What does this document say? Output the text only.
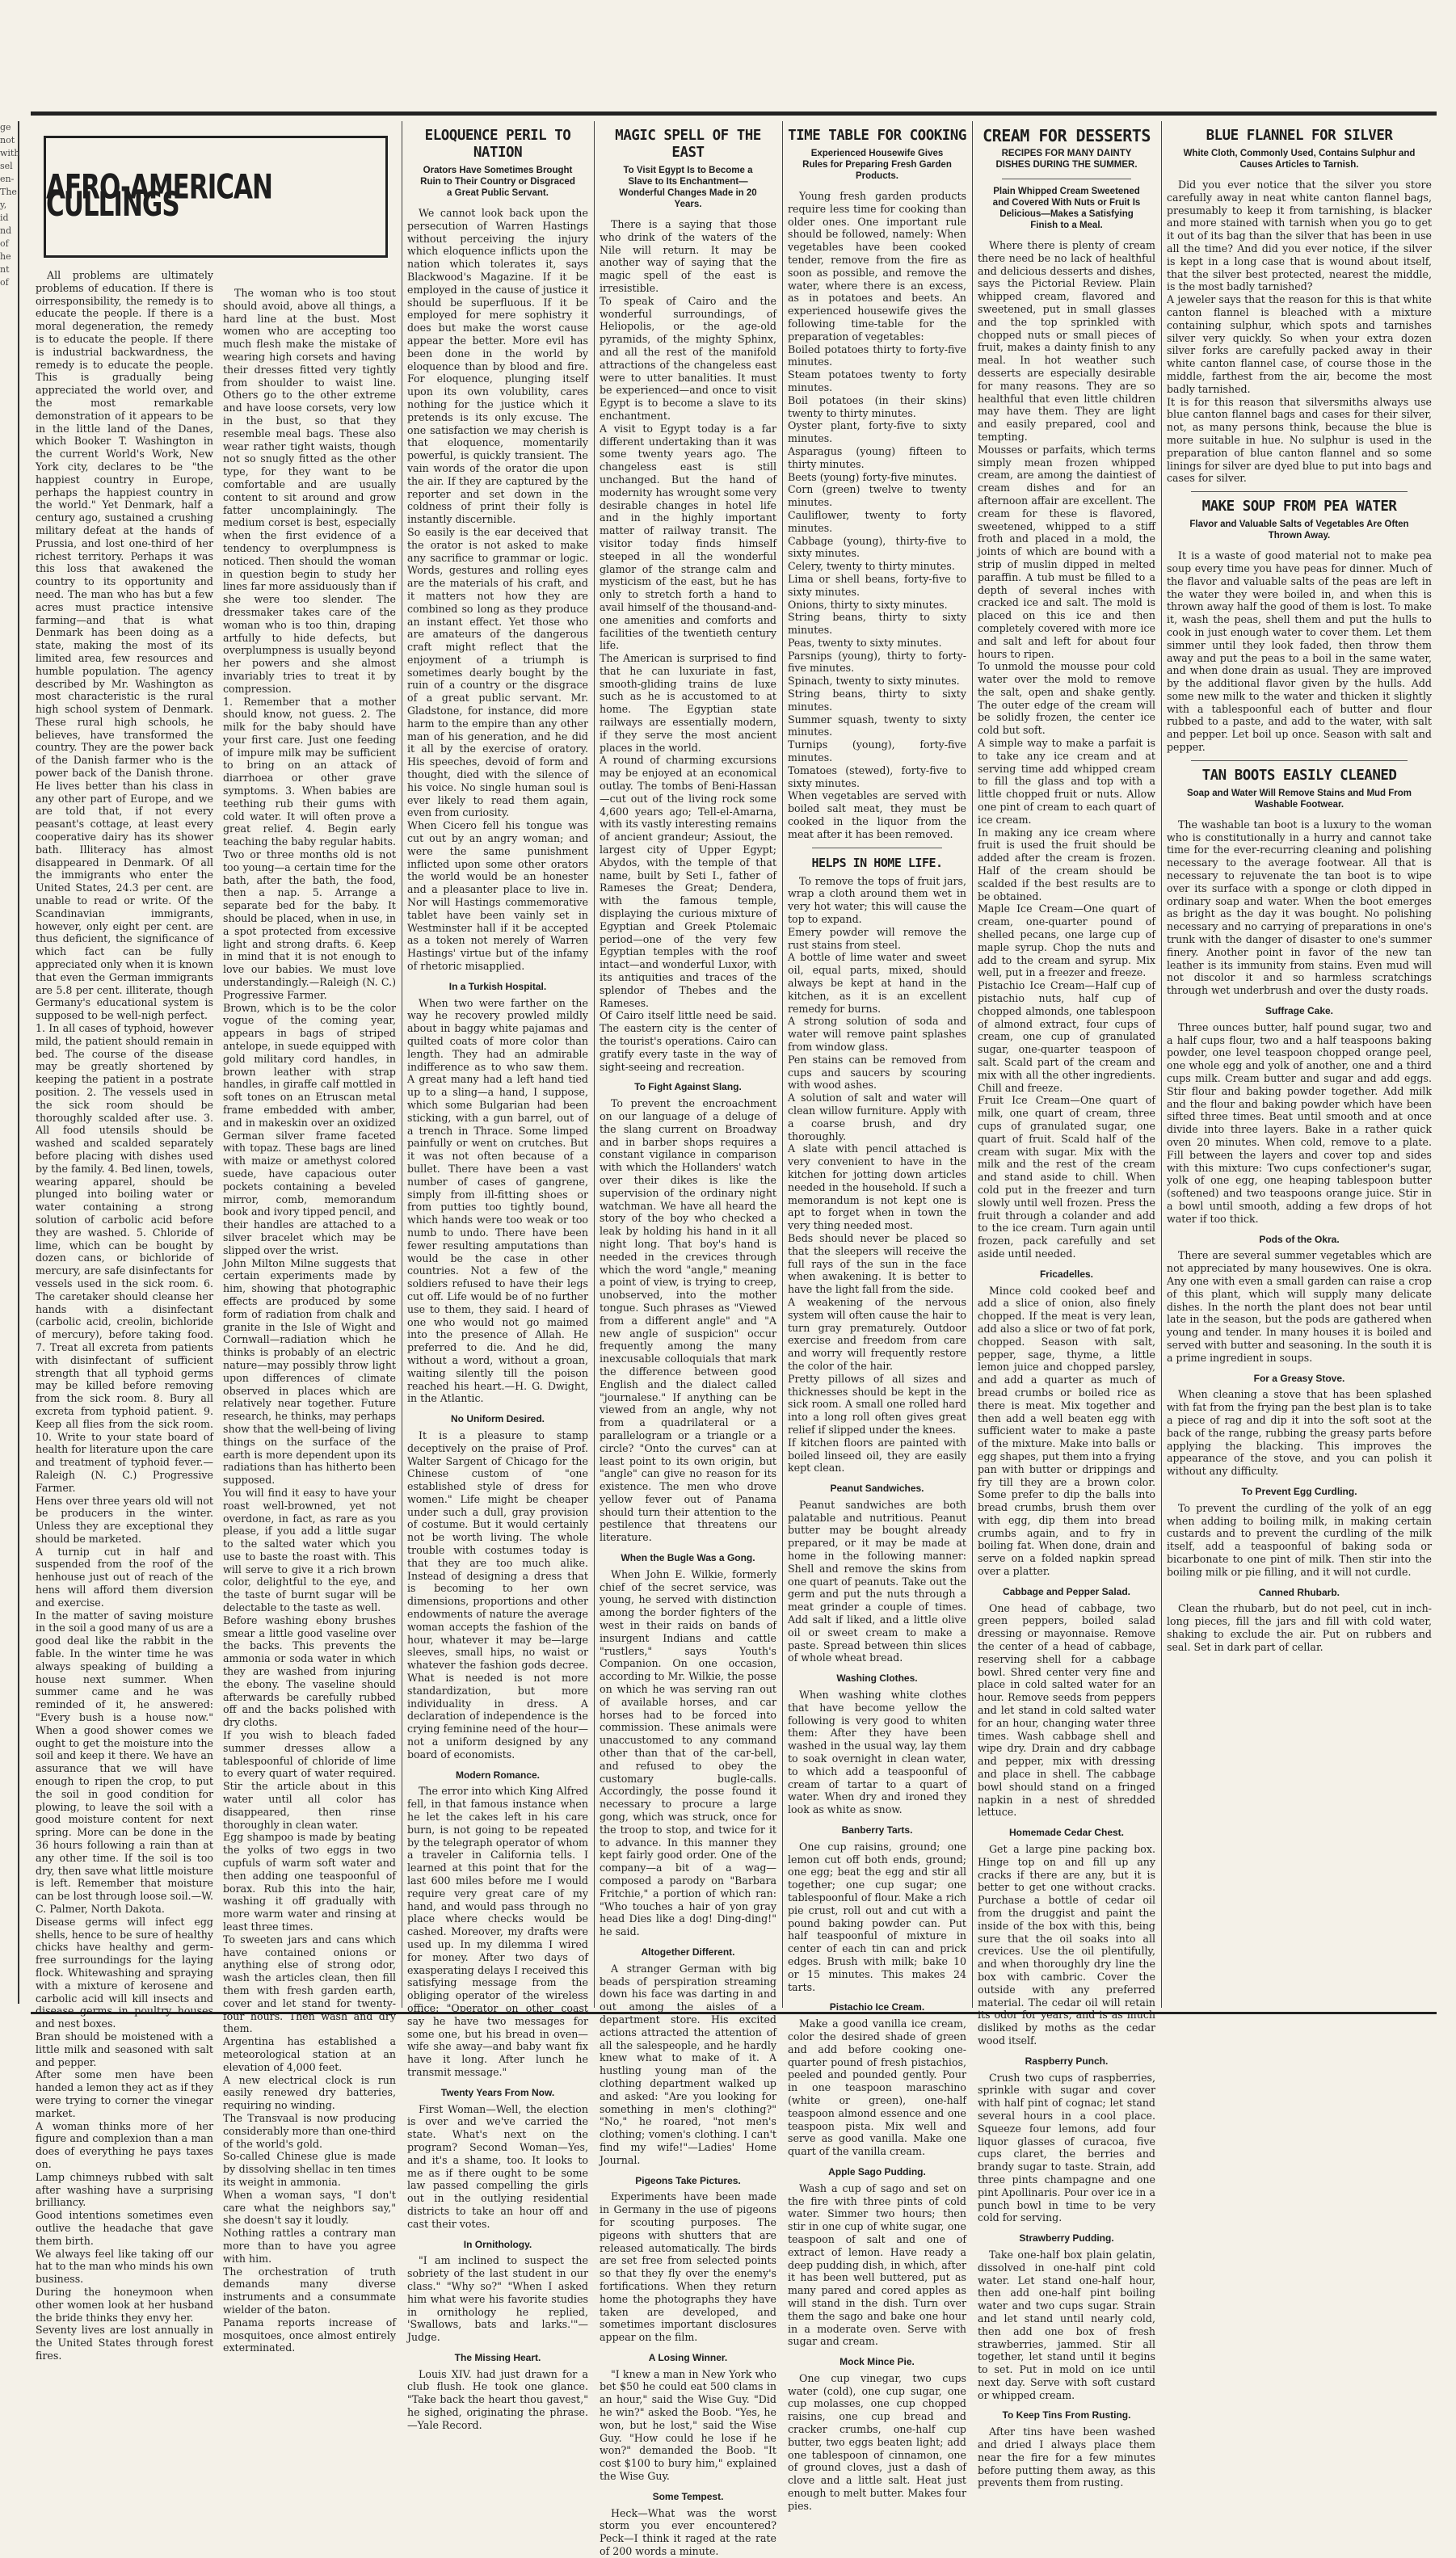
ge
not
with
sel
en-
The
y,
id
nd
of
he
nt
of
AFRO-AMERICAN CULLINGS
All problems are ultimately problems of education. If there is oirresponsibility, the remedy is to educate the people. If there is a moral degeneration, the remedy is to educate the people. If there is industrial backwardness, the remedy is to educate the people. This is gradually being appreciated the world over, and the most remarkable demonstration of it appears to be in the little land of the Danes, which Booker T. Washington in the current World's Work, New York city, declares to be "the happiest country in Europe, perhaps the happiest country in the world." Yet Denmark, half a century ago, sustained a crushing military defeat at the hands of Prussia, and lost one-third of her richest territory. Perhaps it was this loss that awakened the country to its opportunity and need. The man who has but a few acres must practice intensive farming—and that is what Denmark has been doing as a state, making the most of its limited area, few resources and humble population. The agency described by Mr. Washington as most characteristic is the rural high school system of Denmark. These rural high schools, he believes, have transformed the country. They are the power back of the Danish farmer who is the power back of the Danish throne. He lives better than his class in any other part of Europe, and we are told that, if not every peasant's cottage, at least every cooperative dairy has its shower bath. Illiteracy has almost disappeared in Denmark. Of all the immigrants who enter the United States, 24.3 per cent. are unable to read or write. Of the Scandinavian immigrants, however, only eight per cent. are thus deficient, the significance of which fact can be fully appreciated only when it is known that even the German immigrants are 5.8 per cent. illiterate, though Germany's educational system is supposed to be well-nigh perfect.
1. In all cases of typhoid, however mild, the patient should remain in bed. The course of the disease may be greatly shortened by keeping the patient in a postrate position. 2. The vessels used in the sick room should be thoroughly scalded after use. 3. All food utensils should be washed and scalded separately before placing with dishes used by the family. 4. Bed linen, towels, wearing apparel, should be plunged into boiling water or water containing a strong solution of carbolic acid before they are washed. 5. Chloride of lime, which can be bought by dozen cans, or bichloride of mercury, are safe disinfectants for vessels used in the sick room. 6. The caretaker should cleanse her hands with a disinfectant (carbolic acid, creolin, bichloride of mercury), before taking food. 7. Treat all excreta from patients with disinfectant of sufficient strength that all typhoid germs may be killed before removing from the sick room. 8. Bury all excreta from typhoid patient. 9. Keep all flies from the sick room. 10. Write to your state board of health for literature upon the care and treatment of typhoid fever.—Raleigh (N. C.) Progressive Farmer.
Hens over three years old will not be producers in the winter. Unless they are exceptional they should be marketed.
A turnip cut in half and suspended from the roof of the henhouse just out of reach of the hens will afford them diversion and exercise.
In the matter of saving moisture in the soil a good many of us are a good deal like the rabbit in the fable. In the winter time he was always speaking of building a house next summer. When summer came and he was reminded of it, he answered: "Every bush is a house now." When a good shower comes we ought to get the moisture into the soil and keep it there. We have an assurance that we will have enough to ripen the crop, to put the soil in good condition for plowing, to leave the soil with a good moisture content for next spring. More can be done in the 36 hours following a rain than at any other time. If the soil is too dry, then save what little moisture is left. Remember that moisture can be lost through loose soil.—W. C. Palmer, North Dakota.
Disease germs will infect egg shells, hence to be sure of healthy chicks have healthy and germ-free surroundings for the laying flock. Whitewashing and spraying with a mixture of kerosene and carbolic acid will kill insects and disease germs in poultry houses and nest boxes.
Bran should be moistened with a little milk and seasoned with salt and pepper.
After some men have been handed a lemon they act as if they were trying to corner the vinegar market.
A woman thinks more of her figure and complexion than a man does of everything he pays taxes on.
Lamp chimneys rubbed with salt after washing have a surprising brilliancy.
Good intentions sometimes even outlive the headache that gave them birth.
We always feel like taking off our hat to the man who minds his own business.
During the honeymoon when other women look at her husband the bride thinks they envy her.
Seventy lives are lost annually in the United States through forest fires.
The woman who is too stout should avoid, above all things, a hard line at the bust. Most women who are accepting too much flesh make the mistake of wearing high corsets and having their dresses fitted very tightly from shoulder to waist line. Others go to the other extreme and have loose corsets, very low in the bust, so that they resemble meal bags. These also wear rather tight waists, though not so snugly fitted as the other type, for they want to be comfortable and are usually content to sit around and grow fatter uncomplainingly. The medium corset is best, especially when the first evidence of a tendency to overplumpness is noticed. Then should the woman in question begin to study her lines far more assiduously than if she were too slender. The dressmaker takes care of the woman who is too thin, draping artfully to hide defects, but overplumpness is usually beyond her powers and she almost invariably tries to treat it by compression.
1. Remember that a mother should know, not guess. 2. The milk for the baby should have your first care. Just one feeding of impure milk may be sufficient to bring on an attack of diarrhoea or other grave symptoms. 3. When babies are teething rub their gums with cold water. It will often prove a great relief. 4. Begin early teaching the baby regular habits. Two or three months old is not too young—a certain time for the bath, after the bath, the food, then a nap. 5. Arrange a separate bed for the baby. It should be placed, when in use, in a spot protected from excessive light and strong drafts. 6. Keep in mind that it is not enough to love our babies. We must love understandingly.—Raleigh (N. C.) Progressive Farmer.
Brown, which is to be the color vogue of the coming year, appears in bags of striped antelope, in suede equipped with gold military cord handles, in brown leather with strap handles, in giraffe calf mottled in soft tones on an Etruscan metal frame embedded with amber, and in makeskin over an oxidized German silver frame faceted with topaz. These bags are lined with maize or amethyst colored suede, have capacious outer pockets containing a beveled mirror, comb, memorandum book and ivory tipped pencil, and their handles are attached to a silver bracelet which may be slipped over the wrist.
John Milton Milne suggests that certain experiments made by him, showing that photographic effects are produced by some form of radiation from chalk and granite in the Isle of Wight and Cornwall—radiation which he thinks is probably of an electric nature—may possibly throw light upon differences of climate observed in places which are relatively near together. Future research, he thinks, may perhaps show that the well-being of living things on the surface of the earth is more dependent upon its radiations than has hitherto been supposed.
You will find it easy to have your roast well-browned, yet not overdone, in fact, as rare as you please, if you add a little sugar to the salted water which you use to baste the roast with. This will serve to give it a rich brown color, delightful to the eye, and the taste of burnt sugar will be delectable to the taste as well.
Before washing ebony brushes smear a little good vaseline over the backs. This prevents the ammonia or soda water in which they are washed from injuring the ebony. The vaseline should afterwards be carefully rubbed off and the backs polished with dry cloths.
If you wish to bleach faded summer dresses allow a tablespoonful of chloride of lime to every quart of water required. Stir the article about in this water until all color has disappeared, then rinse thoroughly in clean water.
Egg shampoo is made by beating the yolks of two eggs in two cupfuls of warm soft water and then adding one teaspoonful of borax. Rub this into the hair, washing it off gradually with more warm water and rinsing at least three times.
To sweeten jars and cans which have contained onions or anything else of strong odor, wash the articles clean, then fill them with fresh garden earth, cover and let stand for twenty-four hours. Then wash and dry them.
Argentina has established a meteorological station at an elevation of 4,000 feet.
A new electrical clock is run easily renewed dry batteries, requiring no winding.
The Transvaal is now producing considerably more than one-third of the world's gold.
So-called Chinese glue is made by dissolving shellac in ten times its weight in ammonia.
When a woman says, "I don't care what the neighbors say," she doesn't say it loudly.
Nothing rattles a contrary man more than to have you agree with him.
The orchestration of truth demands many diverse instruments and a consummate wielder of the baton.
Panama reports increase of mosquitoes, once almost entirely exterminated.
ELOQUENCE PERIL TO NATION
Orators Have Sometimes Brought Ruin to Their Country or Disgraced a Great Public Servant.
We cannot look back upon the persecution of Warren Hastings without perceiving the injury which eloquence inflicts upon the nation which tolerates it, says Blackwood's Magazine. If it be employed in the cause of justice it should be superfluous. If it be employed for mere sophistry it does but make the worst cause appear the better. More evil has been done in the world by eloquence than by blood and fire. For eloquence, plunging itself upon its own volubility, cares nothing for the justice which it pretends is its only excuse. The one satisfaction we may cherish is that eloquence, momentarily powerful, is quickly transient. The vain words of the orator die upon the air. If they are captured by the reporter and set down in the coldness of print their folly is instantly discernible.
So easily is the ear deceived that the orator is not asked to make any sacrifice to grammar or logic. Words, gestures and rolling eyes are the materials of his craft, and it matters not how they are combined so long as they produce an instant effect. Yet those who are amateurs of the dangerous craft might reflect that the enjoyment of a triumph is sometimes dearly bought by the ruin of a country or the disgrace of a great public servant. Mr. Gladstone, for instance, did more harm to the empire than any other man of his generation, and he did it all by the exercise of oratory. His speeches, devoid of form and thought, died with the silence of his voice. No single human soul is ever likely to read them again, even from curiosity.
When Cicero fell his tongue was cut out by an angry woman; and were the same punishment inflicted upon some other orators the world would be an honester and a pleasanter place to live in. Nor will Hastings commemorative tablet have been vainly set in Westminster hall if it be accepted as a token not merely of Warren Hastings' virtue but of the infamy of rhetoric misapplied.
In a Turkish Hospital.
When two were farther on the way he recovery prowled mildly about in baggy white pajamas and quilted coats of more color than length. They had an admirable indifference as to who saw them. A great many had a left hand tied up to a sling—a hand, I suppose, which some Bulgarian had been sticking, with a gun barrel, out of a trench in Thrace. Some limped painfully or went on crutches. But it was not often because of a bullet. There have been a vast number of cases of gangrene, simply from ill-fitting shoes or from putties too tightly bound, which hands were too weak or too numb to undo. There have been fewer resulting amputations than would be the case in other countries. Not a few of the soldiers refused to have their legs cut off. Life would be of no further use to them, they said. I heard of one who would not go maimed into the presence of Allah. He preferred to die. And he did, without a word, without a groan, waiting silently till the poison reached his heart.—H. G. Dwight, in the Atlantic.
No Uniform Desired.
It is a pleasure to stamp deceptively on the praise of Prof. Walter Sargent of Chicago for the Chinese custom of "one established style of dress for women." Life might be cheaper under such a dull, gray provision of costume. But it would certainly not be worth living. The whole trouble with costumes today is that they are too much alike. Instead of designing a dress that is becoming to her own dimensions, proportions and other endowments of nature the average woman accepts the fashion of the hour, whatever it may be—large sleeves, small hips, no waist or whatever the fashion gods decree. What is needed is not more standardization, but more individuality in dress. A declaration of independence is the crying feminine need of the hour—not a uniform designed by any board of economists.
Modern Romance.
The error into which King Alfred fell, in that famous instance when he let the cakes left in his care burn, is not going to be repeated by the telegraph operator of whom a traveler in California tells. I learned at this point that for the last 600 miles before me I would require very great care of my hand, and would pass through no place where checks would be cashed. Moreover, my drafts were used up. In my dilemma I wired for money. After two days of exasperating delays I received this satisfying message from the obliging operator of the wireless office: "Operator on other coast say he have two messages for some one, but his bread in oven—wife she away—and baby want fix have it long. After lunch he transmit message."
Twenty Years From Now.
First Woman—Well, the election is over and we've carried the state. What's next on the program? Second Woman—Yes, and it's a shame, too. It looks to me as if there ought to be some law passed compelling the girls out in the outlying residential districts to take an hour off and cast their votes.
In Ornithology.
"I am inclined to suspect the sobriety of the last student in our class." "Why so?" "When I asked him what were his favorite studies in ornithology he replied, 'Swallows, bats and larks.'"—Judge.
The Missing Heart.
Louis XIV. had just drawn for a club flush. He took one glance. "Take back the heart thou gavest," he sighed, originating the phrase.—Yale Record.
MAGIC SPELL OF THE EAST
To Visit Egypt Is to Become a Slave to Its Enchantment—Wonderful Changes Made in 20 Years.
There is a saying that those who drink of the waters of the Nile will return. It may be another way of saying that the magic spell of the east is irresistible.
To speak of Cairo and the wonderful surroundings, of Heliopolis, or the age-old pyramids, of the mighty Sphinx, and all the rest of the manifold attractions of the changeless east were to utter banalities. It must be experienced—and once to visit Egypt is to become a slave to its enchantment.
A visit to Egypt today is a far different undertaking than it was some twenty years ago. The changeless east is still unchanged. But the hand of modernity has wrought some very desirable changes in hotel life and in the highly important matter of railway transit. The visitor today finds himself steeped in all the wonderful glamor of the strange calm and mysticism of the east, but he has only to stretch forth a hand to avail himself of the thousand-and-one amenities and comforts and facilities of the twentieth century life.
The American is surprised to find that he can luxuriate in fast, smooth-gliding trains de luxe such as he is accustomed to at home. The Egyptian state railways are essentially modern, if they serve the most ancient places in the world.
A round of charming excursions may be enjoyed at an economical outlay. The tombs of Beni-Hassan—cut out of the living rock some 4,600 years ago; Tell-el-Amarna, with its vastly interesting remains of ancient grandeur; Assiout, the largest city of Upper Egypt; Abydos, with the temple of that name, built by Seti I., father of Rameses the Great; Dendera, with the famous temple, displaying the curious mixture of Egyptian and Greek Ptolemaic period—one of the very few Egyptian temples with the roof intact—and wonderful Luxor, with its antiquities and traces of the splendor of Thebes and the Rameses.
Of Cairo itself little need be said. The eastern city is the center of the tourist's operations. Cairo can gratify every taste in the way of sight-seeing and recreation.
To Fight Against Slang.
To prevent the encroachment on our language of a deluge of the slang current on Broadway and in barber shops requires a constant vigilance in comparison with which the Hollanders' watch over their dikes is like the supervision of the ordinary night watchman. We have all heard the story of the boy who checked a leak by holding his hand in it all night long. That boy's hand is needed in the crevices through which the word "angle," meaning a point of view, is trying to creep, unobserved, into the mother tongue. Such phrases as "Viewed from a different angle" and "A new angle of suspicion" occur frequently among the many inexcusable colloquials that mark the difference between good English and the dialect called "journalese." If anything can be viewed from an angle, why not from a quadrilateral or a parallelogram or a triangle or a circle? "Onto the curves" can at least point to its own origin, but "angle" can give no reason for its existence. The men who drove yellow fever out of Panama should turn their attention to the pestilence that threatens our literature.
When the Bugle Was a Gong.
When John E. Wilkie, formerly chief of the secret service, was young, he served with distinction among the border fighters of the west in their raids on bands of insurgent Indians and cattle "rustlers," says Youth's Companion. On one occasion, according to Mr. Wilkie, the posse on which he was serving ran out of available horses, and car horses had to be forced into commission. These animals were unaccustomed to any command other than that of the car-bell, and refused to obey the customary bugle-calls. Accordingly, the posse found it necessary to procure a large gong, which was struck, once for the troop to stop, and twice for it to advance. In this manner they kept fairly good order. One of the company—a bit of a wag—composed a parody on "Barbara Fritchie," a portion of which ran: "Who touches a hair of yon gray head Dies like a dog! Ding-ding!" he said.
Altogether Different.
A stranger German with big beads of perspiration streaming down his face was darting in and out among the aisles of a department store. His excited actions attracted the attention of all the salespeople, and he hardly knew what to make of it. A hustling young man of the clothing department walked up and asked: "Are you looking for something in men's clothing?" "No," he roared, "not men's clothing; vomen's clothing. I can't find my wife!"—Ladies' Home Journal.
Pigeons Take Pictures.
Experiments have been made in Germany in the use of pigeons for scouting purposes. The pigeons with shutters that are released automatically. The birds are set free from selected points so that they fly over the enemy's fortifications. When they return home the photographs they have taken are developed, and sometimes important disclosures appear on the film.
A Losing Winner.
"I knew a man in New York who bet $50 he could eat 500 clams in an hour," said the Wise Guy. "Did he win?" asked the Boob. "Yes, he won, but he lost," said the Wise Guy. "How could he lose if he won?" demanded the Boob. "It cost $100 to bury him," explained the Wise Guy.
Some Tempest.
Heck—What was the worst storm you ever encountered? Peck—I think it raged at the rate of 200 words a minute.
TIME TABLE FOR COOKING
Experienced Housewife Gives Rules for Preparing Fresh Garden Products.
Young fresh garden products require less time for cooking than older ones. One important rule should be followed, namely: When vegetables have been cooked tender, remove from the fire as soon as possible, and remove the water, where there is an excess, as in potatoes and beets. An experienced housewife gives the following time-table for the preparation of vegetables:
Boiled potatoes thirty to forty-five minutes.
Steam potatoes twenty to forty minutes.
Boil potatoes (in their skins) twenty to thirty minutes.
Oyster plant, forty-five to sixty minutes.
Asparagus (young) fifteen to thirty minutes.
Beets (young) forty-five minutes.
Corn (green) twelve to twenty minutes.
Cauliflower, twenty to forty minutes.
Cabbage (young), thirty-five to sixty minutes.
Celery, twenty to thirty minutes.
Lima or shell beans, forty-five to sixty minutes.
Onions, thirty to sixty minutes.
String beans, thirty to sixty minutes.
Peas, twenty to sixty minutes.
Parsnips (young), thirty to forty-five minutes.
Spinach, twenty to sixty minutes.
String beans, thirty to sixty minutes.
Summer squash, twenty to sixty minutes.
Turnips (young), forty-five minutes.
Tomatoes (stewed), forty-five to sixty minutes.
When vegetables are served with boiled salt meat, they must be cooked in the liquor from the meat after it has been removed.
HELPS IN HOME LIFE.
To remove the tops of fruit jars, wrap a cloth around them wet in very hot water; this will cause the top to expand.
Emery powder will remove the rust stains from steel.
A bottle of lime water and sweet oil, equal parts, mixed, should always be kept at hand in the kitchen, as it is an excellent remedy for burns.
A strong solution of soda and water will remove paint splashes from window glass.
Pen stains can be removed from cups and saucers by scouring with wood ashes.
A solution of salt and water will clean willow furniture. Apply with a coarse brush, and dry thoroughly.
A slate with pencil attached is very convenient to have in the kitchen for jotting down articles needed in the household. If such a memorandum is not kept one is apt to forget when in town the very thing needed most.
Beds should never be placed so that the sleepers will receive the full rays of the sun in the face when awakening. It is better to have the light fall from the side.
A weakening of the nervous system will often cause the hair to turn gray prematurely. Outdoor exercise and freedom from care and worry will frequently restore the color of the hair.
Pretty pillows of all sizes and thicknesses should be kept in the sick room. A small one rolled hard into a long roll often gives great relief if slipped under the knees.
If kitchen floors are painted with boiled linseed oil, they are easily kept clean.
Peanut Sandwiches.
Peanut sandwiches are both palatable and nutritious. Peanut butter may be bought already prepared, or it may be made at home in the following manner: Shell and remove the skins from one quart of peanuts. Take out the germ and put the nuts through a meat grinder a couple of times. Add salt if liked, and a little olive oil or sweet cream to make a paste. Spread between thin slices of whole wheat bread.
Washing Clothes.
When washing white clothes that have become yellow the following is very good to whiten them: After they have been washed in the usual way, lay them to soak overnight in clean water, to which add a teaspoonful of cream of tartar to a quart of water. When dry and ironed they look as white as snow.
Banberry Tarts.
One cup raisins, ground; one lemon cut off both ends, ground; one egg; beat the egg and stir all together; one cup sugar; one tablespoonful of flour. Make a rich pie crust, roll out and cut with a pound baking powder can. Put half teaspoonful of mixture in center of each tin can and prick edges. Brush with milk; bake 10 or 15 minutes. This makes 24 tarts.
Pistachio Ice Cream.
Make a good vanilla ice cream, color the desired shade of green and add before cooking one-quarter pound of fresh pistachios, peeled and pounded gently. Pour in one teaspoon maraschino (white or green), one-half teaspoon almond essence and one teaspoon pista. Mix well and serve as good vanilla. Make one quart of the vanilla cream.
Apple Sago Pudding.
Wash a cup of sago and set on the fire with three pints of cold water. Simmer two hours; then stir in one cup of white sugar, one teaspoon of salt and one of extract of lemon. Have ready a deep pudding dish, in which, after it has been well buttered, put as many pared and cored apples as will stand in the dish. Turn over them the sago and bake one hour in a moderate oven. Serve with sugar and cream.
Mock Mince Pie.
One cup vinegar, two cups water (cold), one cup sugar, one cup molasses, one cup chopped raisins, one cup bread and cracker crumbs, one-half cup butter, two eggs beaten light; add one tablespoon of cinnamon, one of ground cloves, just a dash of clove and a little salt. Heat just enough to melt butter. Makes four pies.
CREAM FOR DESSERTS
RECIPES FOR MANY DAINTY DISHES DURING THE SUMMER.
Plain Whipped Cream Sweetened and Covered With Nuts or Fruit Is Delicious—Makes a Satisfying Finish to a Meal.
Where there is plenty of cream there need be no lack of healthful and delicious desserts and dishes, says the Pictorial Review. Plain whipped cream, flavored and sweetened, put in small glasses and the top sprinkled with chopped nuts or small pieces of fruit, makes a dainty finish to any meal. In hot weather such desserts are especially desirable for many reasons. They are so healthful that even little children may have them. They are light and easily prepared, cool and tempting.
Mousses or parfaits, which terms simply mean frozen whipped cream, are among the daintiest of cream dishes and for an afternoon affair are excellent. The cream for these is flavored, sweetened, whipped to a stiff froth and placed in a mold, the joints of which are bound with a strip of muslin dipped in melted paraffin. A tub must be filled to a depth of several inches with cracked ice and salt. The mold is placed on this ice and then completely covered with more ice and salt and left for about four hours to ripen.
To unmold the mousse pour cold water over the mold to remove the salt, open and shake gently. The outer edge of the cream will be solidly frozen, the center ice cold but soft.
A simple way to make a parfait is to take any ice cream and at serving time add whipped cream to fill the glass and top with a little chopped fruit or nuts. Allow one pint of cream to each quart of ice cream.
In making any ice cream where fruit is used the fruit should be added after the cream is frozen. Half of the cream should be scalded if the best results are to be obtained.
Maple Ice Cream—One quart of cream, one-quarter pound of shelled pecans, one large cup of maple syrup. Chop the nuts and add to the cream and syrup. Mix well, put in a freezer and freeze.
Pistachio Ice Cream—Half cup of pistachio nuts, half cup of chopped almonds, one tablespoon of almond extract, four cups of cream, one cup of granulated sugar, one-quarter teaspoon of salt. Scald part of the cream and mix with all the other ingredients. Chill and freeze.
Fruit Ice Cream—One quart of milk, one quart of cream, three cups of granulated sugar, one quart of fruit. Scald half of the cream with sugar. Mix with the milk and the rest of the cream and stand aside to chill. When cold put in the freezer and turn slowly until well frozen. Press the fruit through a colander and add to the ice cream. Turn again until frozen, pack carefully and set aside until needed.
Fricadelles.
Mince cold cooked beef and add a slice of onion, also finely chopped. If the meat is very lean, add also a slice or two of fat pork, chopped. Season with salt, pepper, sage, thyme, a little lemon juice and chopped parsley, and add a quarter as much of bread crumbs or boiled rice as there is meat. Mix together and then add a well beaten egg with sufficient water to make a paste of the mixture. Make into balls or egg shapes, put them into a frying pan with butter or drippings and fry till they are a brown color. Some prefer to dip the balls into bread crumbs, brush them over with egg, dip them into bread crumbs again, and to fry in boiling fat. When done, drain and serve on a folded napkin spread over a platter.
Cabbage and Pepper Salad.
One head of cabbage, two green peppers, boiled salad dressing or mayonnaise. Remove the center of a head of cabbage, reserving shell for a cabbage bowl. Shred center very fine and place in cold salted water for an hour. Remove seeds from peppers and let stand in cold salted water for an hour, changing water three times. Wash cabbage shell and wipe dry. Drain and dry cabbage and pepper, mix with dressing and place in shell. The cabbage bowl should stand on a fringed napkin in a nest of shredded lettuce.
Homemade Cedar Chest.
Get a large pine packing box. Hinge top on and fill up any cracks if there are any, but it is better to get one without cracks. Purchase a bottle of cedar oil from the druggist and paint the inside of the box with this, being sure that the oil soaks into all crevices. Use the oil plentifully, and when thoroughly dry line the box with cambric. Cover the outside with any preferred material. The cedar oil will retain its odor for years, and is as much disliked by moths as the cedar wood itself.
Raspberry Punch.
Crush two cups of raspberries, sprinkle with sugar and cover with half pint of cognac; let stand several hours in a cool place. Squeeze four lemons, add four liquor glasses of curacoa, five cups claret, the berries and brandy sugar to taste. Strain, add three pints champagne and one pint Apollinaris. Pour over ice in a punch bowl in time to be very cold for serving.
Strawberry Pudding.
Take one-half box plain gelatin, dissolved in one-half pint cold water. Let stand one-half hour, then add one-half pint boiling water and two cups sugar. Strain and let stand until nearly cold, then add one box of fresh strawberries, jammed. Stir all together, let stand until it begins to set. Put in mold on ice until next day. Serve with soft custard or whipped cream.
To Keep Tins From Rusting.
After tins have been washed and dried I always place them near the fire for a few minutes before putting them away, as this prevents them from rusting.
BLUE FLANNEL FOR SILVER
White Cloth, Commonly Used, Contains Sulphur and Causes Articles to Tarnish.
Did you ever notice that the silver you store carefully away in neat white canton flannel bags, presumably to keep it from tarnishing, is blacker and more stained with tarnish when you go to get it out of its bag than the silver that has been in use all the time? And did you ever notice, if the silver is kept in a long case that is wound about itself, that the silver best protected, nearest the middle, is the most badly tarnished?
A jeweler says that the reason for this is that white canton flannel is bleached with a mixture containing sulphur, which spots and tarnishes silver very quickly. So when your extra dozen silver forks are carefully packed away in their white canton flannel case, of course those in the middle, farthest from the air, become the most badly tarnished.
It is for this reason that silversmiths always use blue canton flannel bags and cases for their silver, not, as many persons think, because the blue is more suitable in hue. No sulphur is used in the preparation of blue canton flannel and so some linings for silver are dyed blue to put into bags and cases for silver.
MAKE SOUP FROM PEA WATER
Flavor and Valuable Salts of Vegetables Are Often Thrown Away.
It is a waste of good material not to make pea soup every time you have peas for dinner. Much of the flavor and valuable salts of the peas are left in the water they were boiled in, and when this is thrown away half the good of them is lost. To make it, wash the peas, shell them and put the hulls to cook in just enough water to cover them. Let them simmer until they look faded, then throw them away and put the peas to a boil in the same water, and when done drain as usual. They are improved by the additional flavor given by the hulls. Add some new milk to the water and thicken it slightly with a tablespoonful each of butter and flour rubbed to a paste, and add to the water, with salt and pepper. Let boil up once. Season with salt and pepper.
TAN BOOTS EASILY CLEANED
Soap and Water Will Remove Stains and Mud From Washable Footwear.
The washable tan boot is a luxury to the woman who is constitutionally in a hurry and cannot take time for the ever-recurring cleaning and polishing necessary to the average footwear. All that is necessary to rejuvenate the tan boot is to wipe over its surface with a sponge or cloth dipped in ordinary soap and water. When the boot emerges as bright as the day it was bought. No polishing necessary and no carrying of preparations in one's trunk with the danger of disaster to one's summer finery. Another point in favor of the new tan leather is its immunity from stains. Even mud will not discolor it and so harmless scratchings through wet underbrush and over the dusty roads.
Suffrage Cake.
Three ounces butter, half pound sugar, two and a half cups flour, two and a half teaspoons baking powder, one level teaspoon chopped orange peel, one whole egg and yolk of another, one and a third cups milk. Cream butter and sugar and add eggs. Stir flour and baking powder together. Add milk and the flour and baking powder which have been sifted three times. Beat until smooth and at once divide into three layers. Bake in a rather quick oven 20 minutes. When cold, remove to a plate. Fill between the layers and cover top and sides with this mixture: Two cups confectioner's sugar, yolk of one egg, one heaping tablespoon butter (softened) and two teaspoons orange juice. Stir in a bowl until smooth, adding a few drops of hot water if too thick.
Pods of the Okra.
There are several summer vegetables which are not appreciated by many housewives. One is okra. Any one with even a small garden can raise a crop of this plant, which will supply many delicate dishes. In the north the plant does not bear until late in the season, but the pods are gathered when young and tender. In many houses it is boiled and served with butter and seasoning. In the south it is a prime ingredient in soups.
For a Greasy Stove.
When cleaning a stove that has been splashed with fat from the frying pan the best plan is to take a piece of rag and dip it into the soft soot at the back of the range, rubbing the greasy parts before applying the blacking. This improves the appearance of the stove, and you can polish it without any difficulty.
To Prevent Egg Curdling.
To prevent the curdling of the yolk of an egg when adding to boiling milk, in making certain custards and to prevent the curdling of the milk itself, add a teaspoonful of baking soda or bicarbonate to one pint of milk. Then stir into the boiling milk or pie filling, and it will not curdle.
Canned Rhubarb.
Clean the rhubarb, but do not peel, cut in inch-long pieces, fill the jars and fill with cold water, shaking to exclude the air. Put on rubbers and seal. Set in dark part of cellar.
